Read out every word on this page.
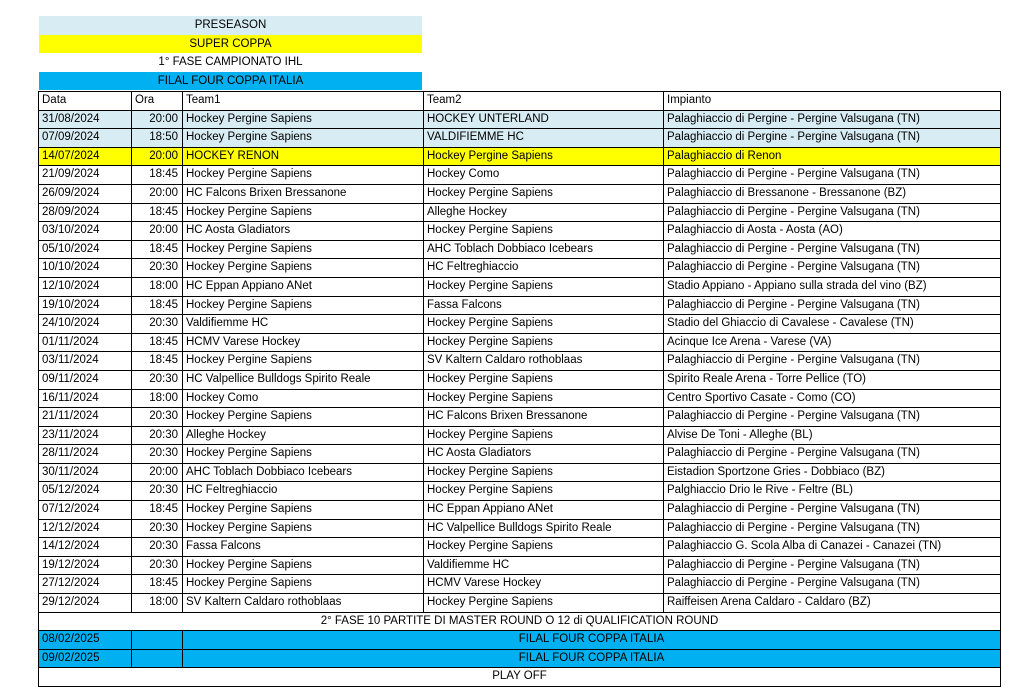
PRESEASON
SUPER COPPA
1° FASE CAMPIONATO IHL
FILAL FOUR COPPA ITALIA
Data	Ora	Team1	Team2	Impianto
31/08/2024	20:00	Hockey Pergine Sapiens	HOCKEY UNTERLAND	Palaghiaccio di Pergine - Pergine Valsugana (TN)
07/09/2024	18:50	Hockey Pergine Sapiens	VALDIFIEMME HC	Palaghiaccio di Pergine - Pergine Valsugana (TN)
14/07/2024	20:00	HOCKEY RENON	Hockey Pergine Sapiens	Palaghiaccio di Renon
21/09/2024	18:45	Hockey Pergine Sapiens	Hockey Como	Palaghiaccio di Pergine - Pergine Valsugana (TN)
26/09/2024	20:00	HC Falcons Brixen Bressanone	Hockey Pergine Sapiens	Palaghiaccio di Bressanone - Bressanone (BZ)
28/09/2024	18:45	Hockey Pergine Sapiens	Alleghe Hockey	Palaghiaccio di Pergine - Pergine Valsugana (TN)
03/10/2024	20:00	HC Aosta Gladiators	Hockey Pergine Sapiens	Palaghiaccio di Aosta - Aosta (AO)
05/10/2024	18:45	Hockey Pergine Sapiens	AHC Toblach Dobbiaco Icebears	Palaghiaccio di Pergine - Pergine Valsugana (TN)
10/10/2024	20:30	Hockey Pergine Sapiens	HC Feltreghiaccio	Palaghiaccio di Pergine - Pergine Valsugana (TN)
12/10/2024	18:00	HC Eppan Appiano ANet	Hockey Pergine Sapiens	Stadio Appiano - Appiano sulla strada del vino (BZ)
19/10/2024	18:45	Hockey Pergine Sapiens	Fassa Falcons	Palaghiaccio di Pergine - Pergine Valsugana (TN)
24/10/2024	20:30	Valdifiemme HC	Hockey Pergine Sapiens	Stadio del Ghiaccio di Cavalese - Cavalese (TN)
01/11/2024	18:45	HCMV Varese Hockey	Hockey Pergine Sapiens	Acinque Ice Arena - Varese (VA)
03/11/2024	18:45	Hockey Pergine Sapiens	SV Kaltern Caldaro rothoblaas	Palaghiaccio di Pergine - Pergine Valsugana (TN)
09/11/2024	20:30	HC Valpellice Bulldogs Spirito Reale	Hockey Pergine Sapiens	Spirito Reale Arena - Torre Pellice (TO)
16/11/2024	18:00	Hockey Como	Hockey Pergine Sapiens	Centro Sportivo Casate - Como (CO)
21/11/2024	20:30	Hockey Pergine Sapiens	HC Falcons Brixen Bressanone	Palaghiaccio di Pergine - Pergine Valsugana (TN)
23/11/2024	20:30	Alleghe Hockey	Hockey Pergine Sapiens	Alvise De Toni - Alleghe (BL)
28/11/2024	20:30	Hockey Pergine Sapiens	HC Aosta Gladiators	Palaghiaccio di Pergine - Pergine Valsugana (TN)
30/11/2024	20:00	AHC Toblach Dobbiaco Icebears	Hockey Pergine Sapiens	Eistadion Sportzone Gries - Dobbiaco (BZ)
05/12/2024	20:30	HC Feltreghiaccio	Hockey Pergine Sapiens	Palghiaccio Drio le Rive - Feltre (BL)
07/12/2024	18:45	Hockey Pergine Sapiens	HC Eppan Appiano ANet	Palaghiaccio di Pergine - Pergine Valsugana (TN)
12/12/2024	20:30	Hockey Pergine Sapiens	HC Valpellice Bulldogs Spirito Reale	Palaghiaccio di Pergine - Pergine Valsugana (TN)
14/12/2024	20:30	Fassa Falcons	Hockey Pergine Sapiens	Palaghiaccio G. Scola Alba di Canazei - Canazei (TN)
19/12/2024	20:30	Hockey Pergine Sapiens	Valdifiemme HC	Palaghiaccio di Pergine - Pergine Valsugana (TN)
27/12/2024	18:45	Hockey Pergine Sapiens	HCMV Varese Hockey	Palaghiaccio di Pergine - Pergine Valsugana (TN)
29/12/2024	18:00	SV Kaltern Caldaro rothoblaas	Hockey Pergine Sapiens	Raiffeisen Arena Caldaro - Caldaro (BZ)
2° FASE 10 PARTITE DI MASTER ROUND O 12 di QUALIFICATION ROUND				
08/02/2025		FILAL FOUR COPPA ITALIA		
09/02/2025		FILAL FOUR COPPA ITALIA		
PLAY OFF				
